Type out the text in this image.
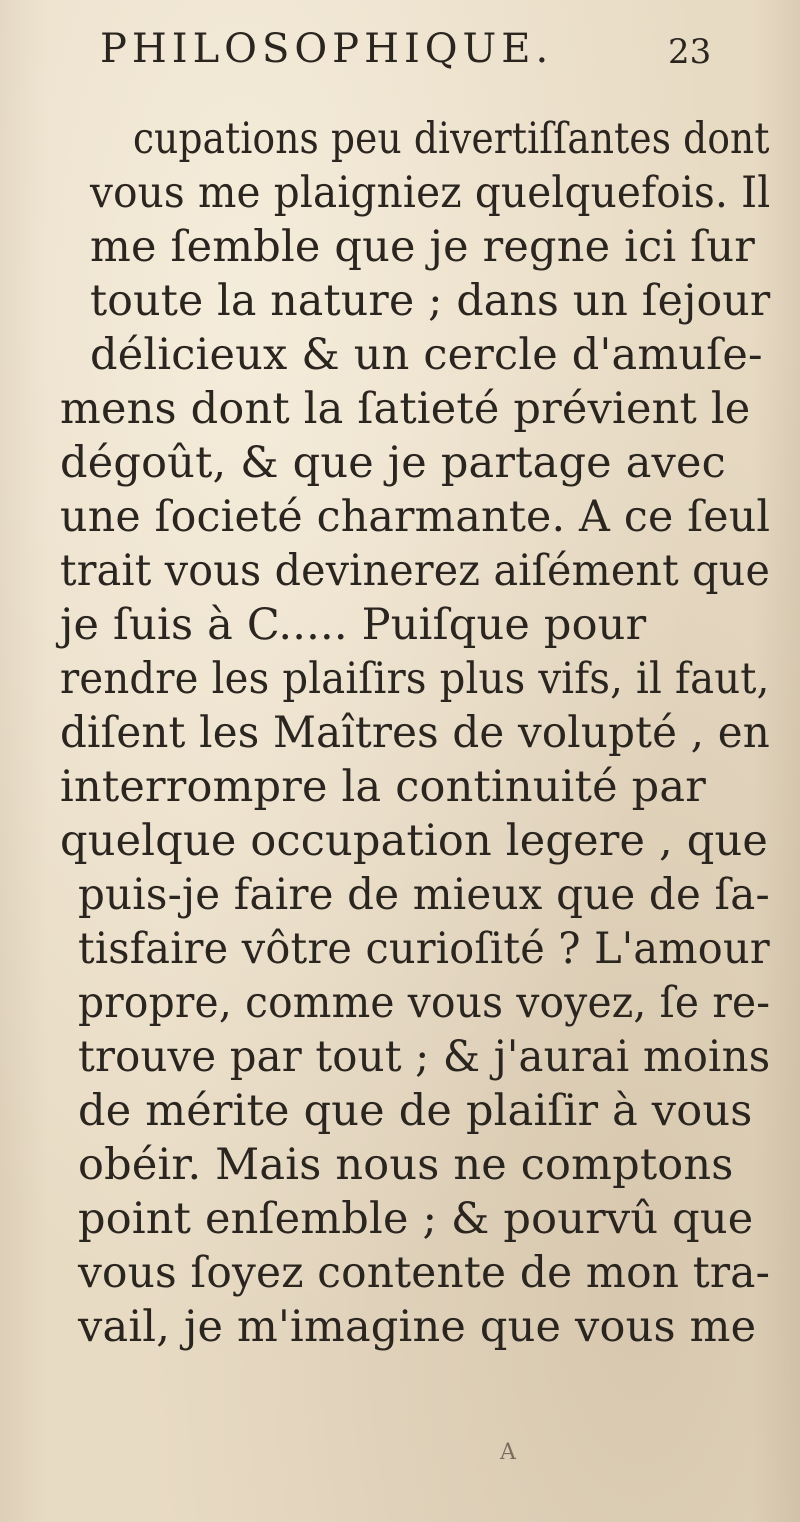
PHILOSOPHIQUE.	23
cupations peu divertiſſantes dont
vous me plaigniez quelquefois. Il
me ſemble que je regne ici ſur
toute la nature ; dans un ſejour
délicieux & un cercle d'amuſe-
mens dont la ſatieté prévient le
dégoût, & que je partage avec
une ſocieté charmante. A ce ſeul
trait vous devinerez aiſément que
je ſuis à C..... Puiſque pour
rendre les plaiſirs plus vifs, il faut,
diſent les Maîtres de volupté , en
interrompre la continuité par
quelque occupation legere , que
puis-je faire de mieux que de ſa-
tisfaire vôtre curioſité ? L'amour
propre, comme vous voyez, ſe re-
trouve par tout ; & j'aurai moins
de mérite que de plaiſir à vous
obéir. Mais nous ne comptons
point enſemble ; & pourvû que
vous ſoyez contente de mon tra-
vail, je m'imagine que vous me
A
